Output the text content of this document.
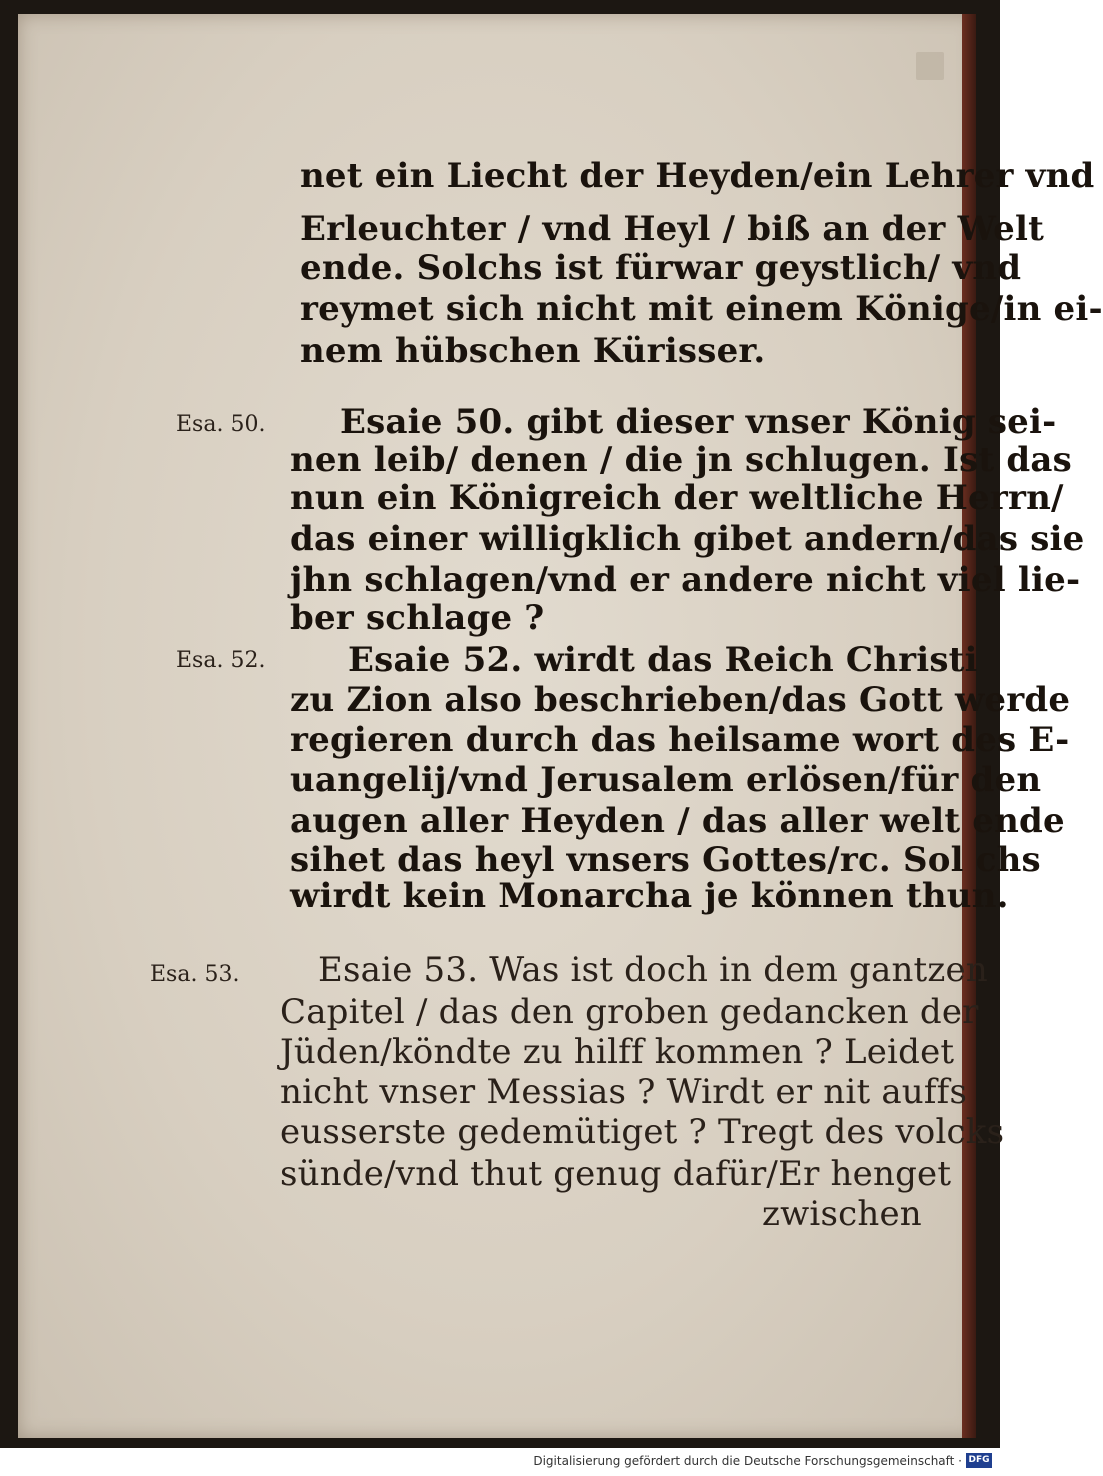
net ein Liecht der Heyden/ein Lehrer vnd
Erleuchter / vnd Heyl / biß an der Welt
ende. Solchs ist fürwar geystlich/ vnd
reymet sich nicht mit einem Könige/in ei-
nem hübschen Kürisser.
Esa. 50. Esaie 50. gibt dieser vnser König sei-
nen leib/ denen / die jn schlugen. Ist das
nun ein Königreich der weltliche Herrn/
das einer willigklich gibet andern/das sie
jhn schlagen/vnd er andere nicht viel lie-
ber schlage ?
Esa. 52. Esaie 52. wirdt das Reich Christi
zu Zion also beschrieben/das Gott werde
regieren durch das heilsame wort des E-
uangelij/vnd Jerusalem erlösen/für den
augen aller Heyden / das aller welt ende
sihet das heyl vnsers Gottes/rc. Sol chs
wirdt kein Monarcha je können thun.
Esa. 53. Esaie 53. Was ist doch in dem gantzen
Capitel / das den groben gedancken der
Jüden/köndte zu hilff kommen ? Leidet
nicht vnser Messias ? Wirdt er nit auffs
eusserste gedemütiget ? Tregt des volcks
sünde/vnd thut genug dafür/Er henget
zwischen
Digitalisierung gefördert durch die Deutsche Forschungsgemeinschaft · DFG
